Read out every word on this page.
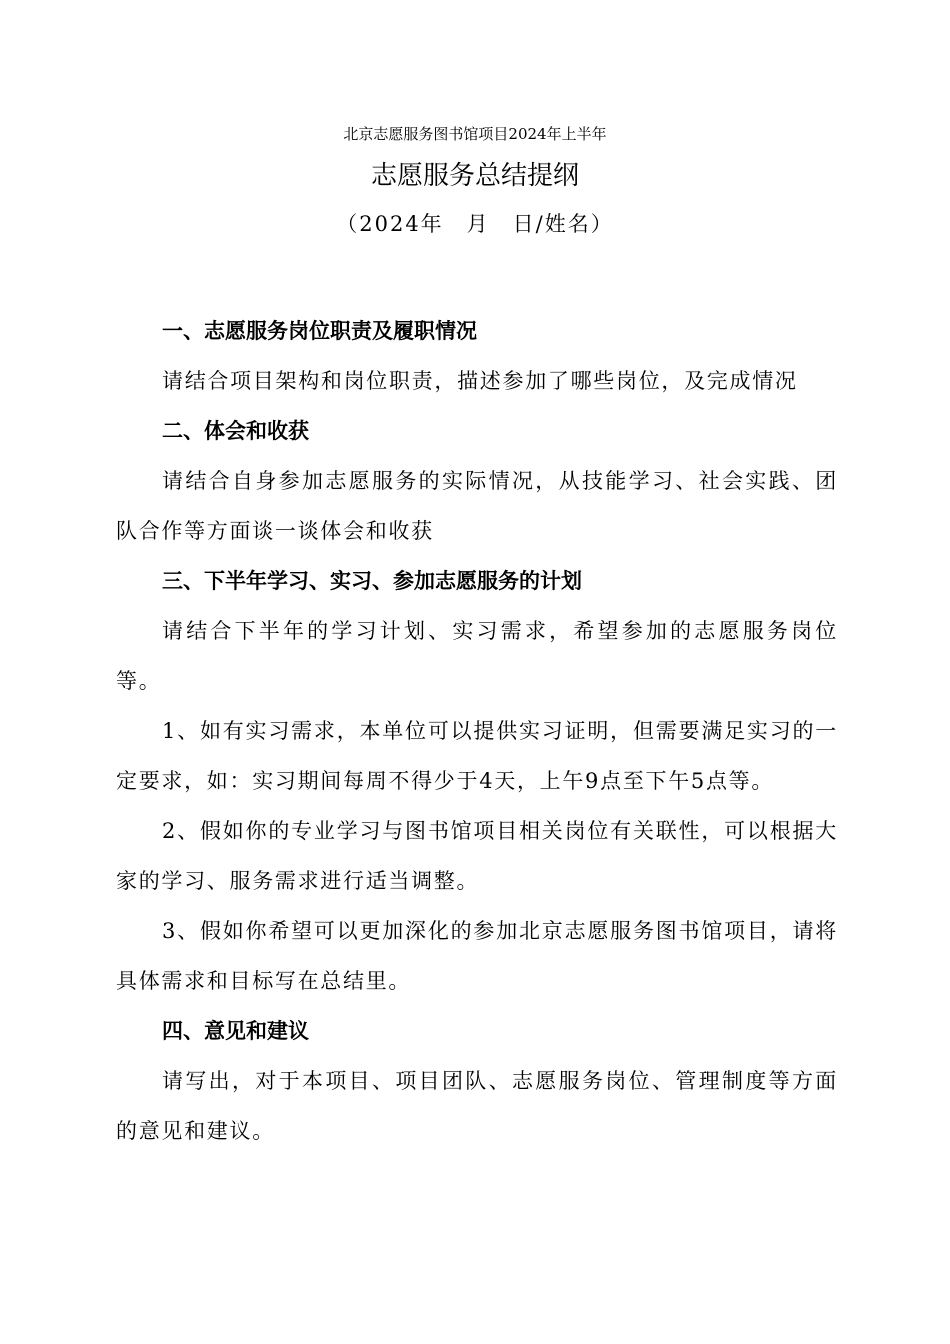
北京志愿服务图书馆项目2024年上半年
志愿服务总结提纲
（2024年　月　日/姓名）

一、志愿服务岗位职责及履职情况

请结合项目架构和岗位职责，描述参加了哪些岗位，及完成情况

二、体会和收获

请结合自身参加志愿服务的实际情况，从技能学习、社会实践、团队合作等方面谈一谈体会和收获

三、下半年学习、实习、参加志愿服务的计划

请结合下半年的学习计划、实习需求，希望参加的志愿服务岗位等。

1、如有实习需求，本单位可以提供实习证明，但需要满足实习的一定要求，如：实习期间每周不得少于4天，上午9点至下午5点等。

2、假如你的专业学习与图书馆项目相关岗位有关联性，可以根据大家的学习、服务需求进行适当调整。

3、假如你希望可以更加深化的参加北京志愿服务图书馆项目，请将具体需求和目标写在总结里。

四、意见和建议

请写出，对于本项目、项目团队、志愿服务岗位、管理制度等方面的意见和建议。
